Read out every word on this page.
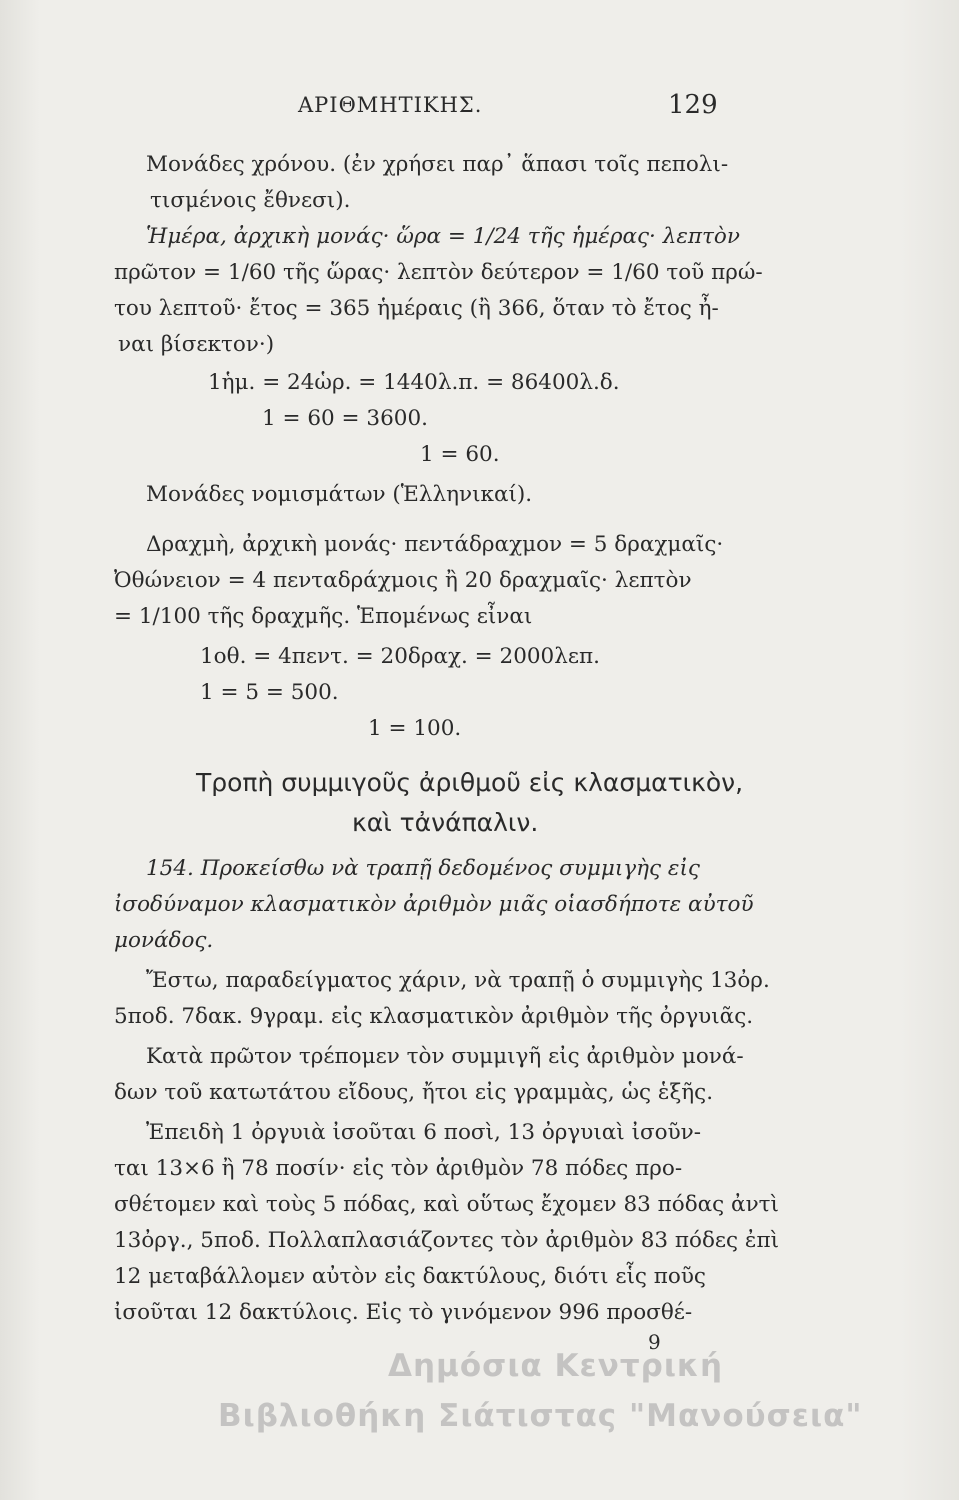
ΑΡΙΘΜΗΤΙΚΗΣ.	129
Μονάδες χρόνου. (ἐν χρήσει παρ᾽ ἅπασι τοῖς πεπολι-
τισμένοις ἔθνεσι).
Ἡμέρα, ἀρχικὴ μονάς· ὥρα = 1/24 τῆς ἡμέρας· λεπτὸν
πρῶτον = 1/60 τῆς ὥρας· λεπτὸν δεύτερον = 1/60 τοῦ πρώ-
του λεπτοῦ· ἔτος = 365 ἡμέραις (ἢ 366, ὅταν τὸ ἔτος ἦ-
ναι βίσεκτον·)
1ἡμ. = 24ὡρ. = 1440λ.π. = 86400λ.δ.
1 = 60 = 3600.
1 = 60.
Μονάδες νομισμάτων (Ἑλληνικαί).
Δραχμὴ, ἀρχικὴ μονάς· πεντάδραχμον = 5 δραχμαῖς·
Ὀθώνειον = 4 πενταδράχμοις ἢ 20 δραχμαῖς· λεπτὸν
= 1/100 τῆς δραχμῆς. Ἑπομένως εἶναι
1οθ. = 4πεντ. = 20δραχ. = 2000λεπ.
1 = 5 = 500.
1 = 100.
Τροπὴ συμμιγοῦς ἀριθμοῦ εἰς κλασματικὸν,
καὶ τἀνάπαλιν.
154. Προκείσθω νὰ τραπῇ δεδομένος συμμιγὴς εἰς
ἰσοδύναμον κλασματικὸν ἀριθμὸν μιᾶς οἱασδήποτε αὐτοῦ
μονάδος.
Ἔστω, παραδείγματος χάριν, νὰ τραπῇ ὁ συμμιγὴς 13ὀρ.
5ποδ. 7δακ. 9γραμ. εἰς κλασματικὸν ἀριθμὸν τῆς ὀργυιᾶς.
Κατὰ πρῶτον τρέπομεν τὸν συμμιγῆ εἰς ἀριθμὸν μονά-
δων τοῦ κατωτάτου εἴδους, ἤτοι εἰς γραμμὰς, ὡς ἑξῆς.
Ἐπειδὴ 1 ὀργυιὰ ἰσοῦται 6 ποσὶ, 13 ὀργυιαὶ ἰσοῦν-
ται 13×6 ἢ 78 ποσίν· εἰς τὸν ἀριθμὸν 78 πόδες προ-
σθέτομεν καὶ τοὺς 5 πόδας, καὶ οὕτως ἔχομεν 83 πόδας ἀντὶ
13ὀργ., 5ποδ. Πολλαπλασιάζοντες τὸν ἀριθμὸν 83 πόδες ἐπὶ
12 μεταβάλλομεν αὐτὸν εἰς δακτύλους, διότι εἷς ποῦς
ἰσοῦται 12 δακτύλοις. Εἰς τὸ γινόμενον 996 προσθέ-
9
Δημόσια Κεντρική
Βιβλιοθήκη Σιάτιστας "Μανούσεια"
